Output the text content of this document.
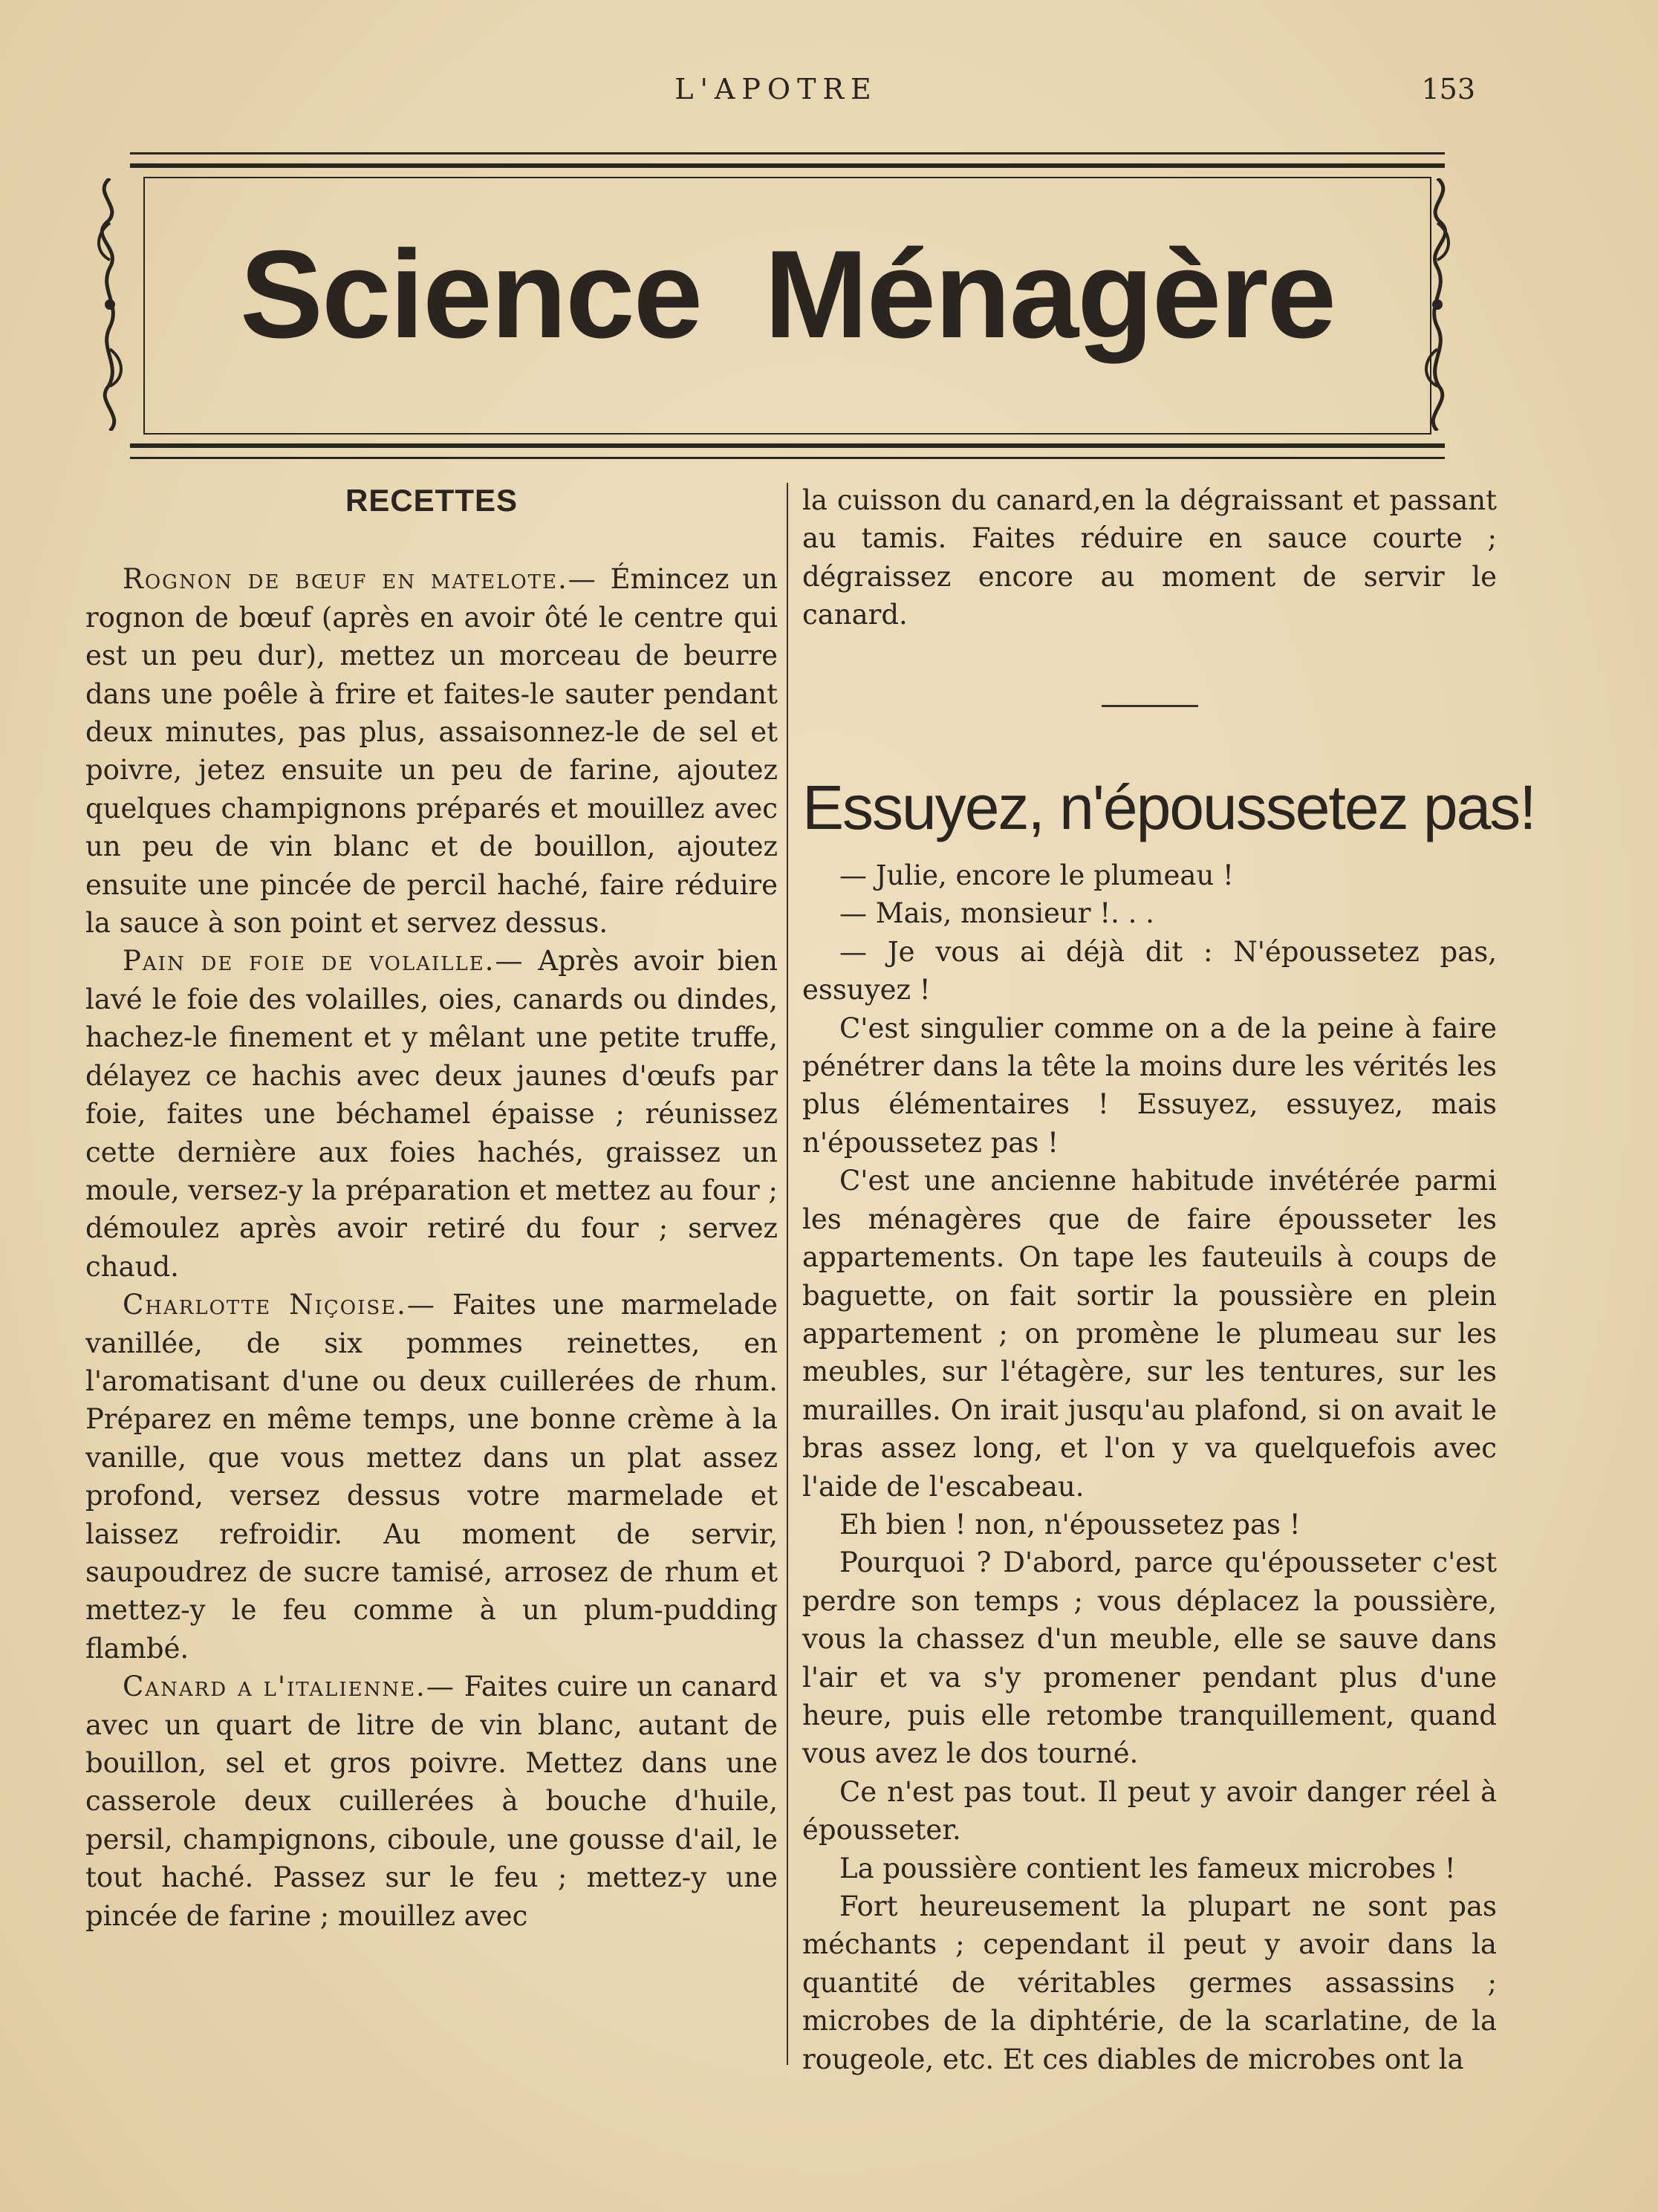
L'APOTRE	153
Science Ménagère
RECETTES

Rognon de bœuf en matelote.— Émincez un rognon de bœuf (après en avoir ôté le centre qui est un peu dur), mettez un morceau de beurre dans une poêle à frire et faites-le sauter pendant deux minutes, pas plus, assaisonnez-le de sel et poivre, jetez ensuite un peu de farine, ajoutez quelques champignons préparés et mouillez avec un peu de vin blanc et de bouillon, ajoutez ensuite une pincée de percil haché, faire réduire la sauce à son point et servez dessus.

Pain de foie de volaille.— Après avoir bien lavé le foie des volailles, oies, canards ou dindes, hachez-le finement et y mêlant une petite truffe, délayez ce hachis avec deux jaunes d'œufs par foie, faites une béchamel épaisse ; réunissez cette dernière aux foies hachés, graissez un moule, versez-y la préparation et mettez au four ; démoulez après avoir retiré du four ; servez chaud.

Charlotte Niçoise.— Faites une marmelade vanillée, de six pommes reinettes, en l'aromatisant d'une ou deux cuillerées de rhum. Préparez en même temps, une bonne crème à la vanille, que vous mettez dans un plat assez profond, versez dessus votre marmelade et laissez refroidir. Au moment de servir, saupoudrez de sucre tamisé, arrosez de rhum et mettez-y le feu comme à un plum-pudding flambé.

Canard a l'italienne.— Faites cuire un canard avec un quart de litre de vin blanc, autant de bouillon, sel et gros poivre. Mettez dans une casserole deux cuillerées à bouche d'huile, persil, champignons, ciboule, une gousse d'ail, le tout haché. Passez sur le feu ; mettez-y une pincée de farine ; mouillez avec

la cuisson du canard,en la dégraissant et passant au tamis. Faites réduire en sauce courte ; dégraissez encore au moment de servir le canard.

Essuyez, n'époussetez pas!

— Julie, encore le plumeau !

— Mais, monsieur !. . .

— Je vous ai déjà dit : N'époussetez pas, essuyez !

C'est singulier comme on a de la peine à faire pénétrer dans la tête la moins dure les vérités les plus élémentaires ! Essuyez, essuyez, mais n'époussetez pas !

C'est une ancienne habitude invétérée parmi les ménagères que de faire épousseter les appartements. On tape les fauteuils à coups de baguette, on fait sortir la poussière en plein appartement ; on promène le plumeau sur les meubles, sur l'étagère, sur les tentures, sur les murailles. On irait jusqu'au plafond, si on avait le bras assez long, et l'on y va quelquefois avec l'aide de l'escabeau.

Eh bien ! non, n'époussetez pas !

Pourquoi ? D'abord, parce qu'épousseter c'est perdre son temps ; vous déplacez la poussière, vous la chassez d'un meuble, elle se sauve dans l'air et va s'y promener pendant plus d'une heure, puis elle retombe tranquillement, quand vous avez le dos tourné.

Ce n'est pas tout. Il peut y avoir danger réel à épousseter.

La poussière contient les fameux microbes !

Fort heureusement la plupart ne sont pas méchants ; cependant il peut y avoir dans la quantité de véritables germes assassins ; microbes de la diphtérie, de la scarlatine, de la rougeole, etc. Et ces diables de microbes ont la
